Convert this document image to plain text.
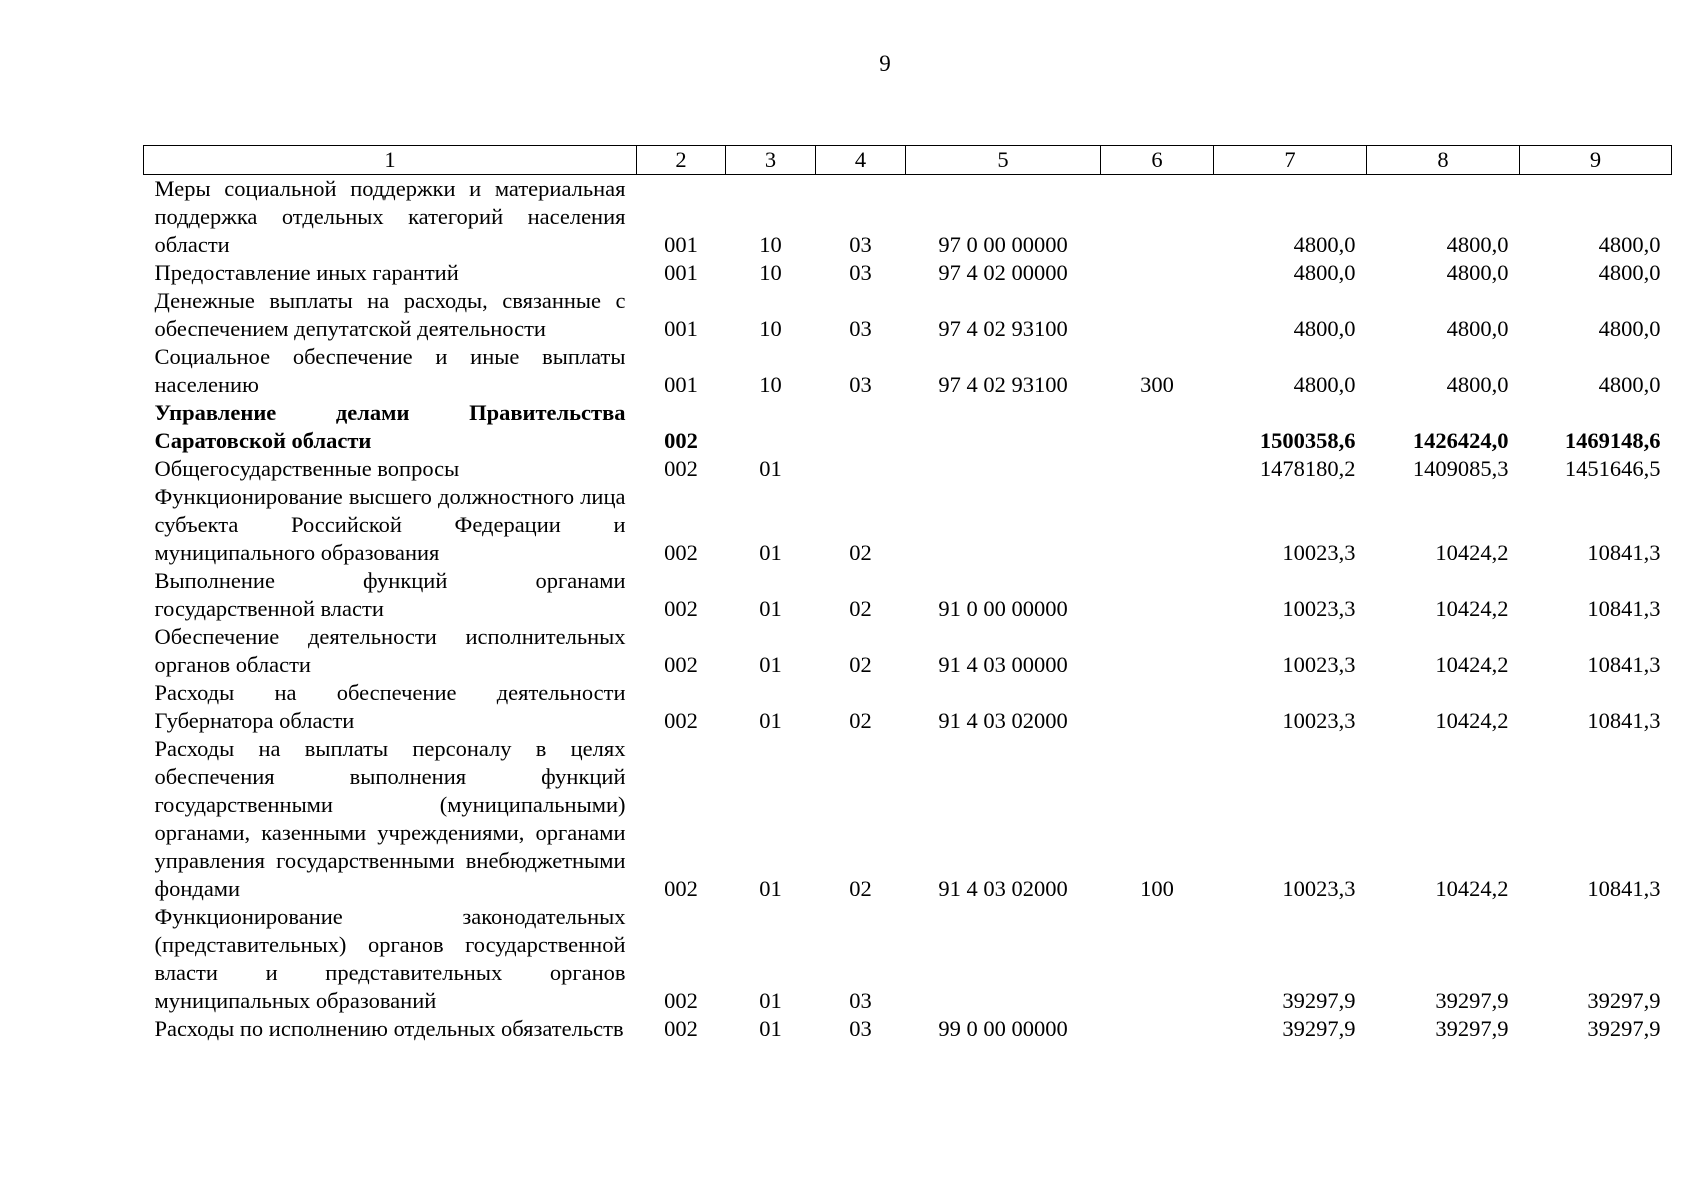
9
1	2	3	4	5	6	7	8	9
Меры социальной поддержки и материальная поддержка отдельных категорий населения области	001	10	03	97 0 00 00000		4800,0	4800,0	4800,0
Предоставление иных гарантий	001	10	03	97 4 02 00000		4800,0	4800,0	4800,0
Денежные выплаты на расходы, связанные с обеспечением депутатской деятельности	001	10	03	97 4 02 93100		4800,0	4800,0	4800,0
Социальное обеспечение и иные выплаты населению	001	10	03	97 4 02 93100	300	4800,0	4800,0	4800,0
Управление делами Правительства Саратовской области	002					1500358,6	1426424,0	1469148,6
Общегосударственные вопросы	002	01				1478180,2	1409085,3	1451646,5
Функционирование высшего должностного лица субъекта Российской Федерации и муниципального образования	002	01	02			10023,3	10424,2	10841,3
Выполнение функций органами государственной власти	002	01	02	91 0 00 00000		10023,3	10424,2	10841,3
Обеспечение деятельности исполнительных органов области	002	01	02	91 4 03 00000		10023,3	10424,2	10841,3
Расходы на обеспечение деятельности Губернатора области	002	01	02	91 4 03 02000		10023,3	10424,2	10841,3
Расходы на выплаты персоналу в целях обеспечения выполнения функций государственными (муниципальными) органами, казенными учреждениями, органами управления государственными внебюджетными фондами	002	01	02	91 4 03 02000	100	10023,3	10424,2	10841,3
Функционирование законодательных (представительных) органов государственной власти и представительных органов муниципальных образований	002	01	03			39297,9	39297,9	39297,9
Расходы по исполнению отдельных обязательств	002	01	03	99 0 00 00000		39297,9	39297,9	39297,9
